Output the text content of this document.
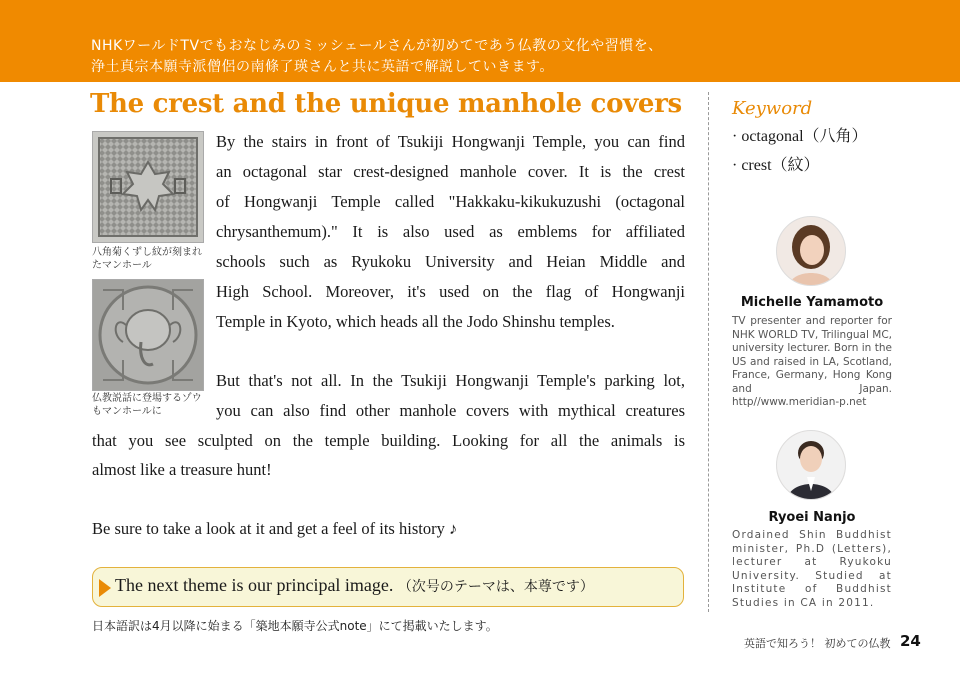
NHKワールドTVでもおなじみのミッシェールさんが初めてであう仏教の文化や習慣を、
浄土真宗本願寺派僧侶の南條了瑛さんと共に英語で解説していきます。
The crest and the unique manhole covers
八角菊くずし紋が刻まれたマンホール
仏教説話に登場するゾウもマンホールに
By the stairs in front of Tsukiji Hongwanji Temple, you can find
an octagonal star crest-designed manhole cover. It is the crest
of Hongwanji Temple called "Hakkaku-kikukuzushi (octagonal
chrysanthemum)." It is also used as emblems for affiliated
schools such as Ryukoku University and Heian Middle and
High School. Moreover, it's used on the flag of Hongwanji
Temple in Kyoto, which heads all the Jodo Shinshu temples.
But that's not all. In the Tsukiji Hongwanji Temple's parking lot,
you can also find other manhole covers with mythical creatures
that you see sculpted on the temple building. Looking for all the animals is
almost like a treasure hunt!
Be sure to take a look at it and get a feel of its history ♪
The next theme is our principal image. （次号のテーマは、本尊です）
日本語訳は4月以降に始まる「築地本願寺公式note」にて掲載いたします。
Keyword
· octagonal（八角）
· crest（紋）
Michelle Yamamoto
TV presenter and reporter for NHK WORLD TV, Trilingual MC, university lecturer. Born in the US and raised in LA, Scotland, France, Germany, Hong Kong and Japan. http//www.meridian-p.net
Ryoei Nanjo
Ordained Shin Buddhist minister, Ph.D (Letters), lecturer at Ryukoku University. Studied at Institute of Buddhist Studies in CA in 2011.
英語で知ろう！ 初めての仏教 24
